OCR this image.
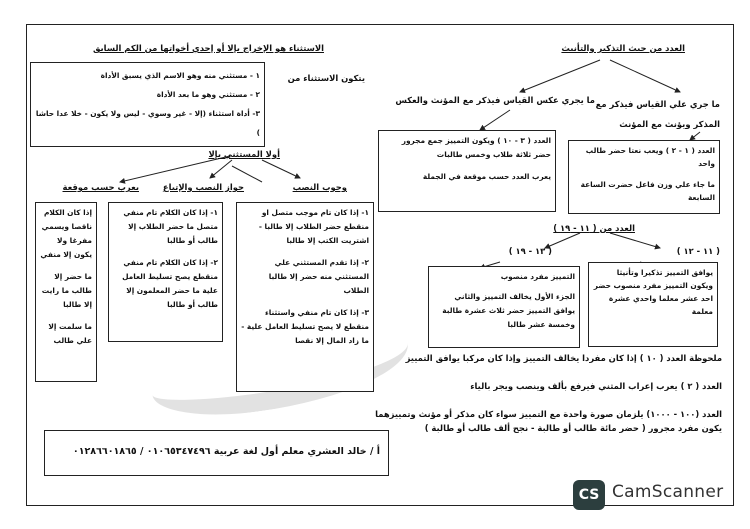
الاستثناء هو الإخراج بإلا أو إحدي أخواتها من الكم السابق
١ - مستثني منه وهو الاسم الذي يسبق الأداة
٢ - مستثني وهو ما بعد الأداة
٣- أداة استثناء (إلا - غير وسوي - ليس ولا يكون - خلا عدا حاشا )
يتكون الاستثناء من
أولا المستثني بإلا
وجوب النصب
جواز النصب والإتباع
يعرب حسب موقعة
١- إذا كان تام موجب متصل او منقطع حضر الطلاب إلا طالبا - اشتريت الكتب إلا طالبا
٢- إذا تقدم المستثني علي المستثني منه حضر إلا طالبا الطلاب
٣- إذا كان تام منفي واستثناء منقطع لا يصح تسليط العامل علية - ما زاد المال إلا نقصا
١- إذا كان الكلام تام منفي متصل ما حضر الطلاب إلا طالب أو طالبا
٢- إذا كان الكلام تام منفي منقطع يصح تسليط العامل علية ما حضر المعلمون إلا طالب أو طالبا
إذا كان الكلام ناقصا ويسمي مفرغا ولا يكون إلا منفي
ما حضر إلا طالب ما رايت إلا طالبا
ما سلمت إلا علي طالب
أ / خالد العشري معلم أول لغة عربية ٠١٠٦٥٣٤٧٤٩٦ / ٠١٢٨٦٦٠١٨٦٥
العدد من حيث التذكير والتأنيث
ما جري علي القياس فيذكر مع المذكر ويؤنث مع المؤنث
ما يجري عكس القياس فيذكر مع المؤنث والعكس
العدد ( ١ - ٢ ) ويعب نعتا حضر طالب واحد
ما جاء علي وزن فاعل حضرت الساعة السابعة
العدد ( ٣ - ١٠ ) ويكون التمييز جمع مجرور حضر ثلاثة طلاب وخمس طالبات
يعرب العدد حسب موقعة في الجملة
العدد من ( ١١ - ١٩ )
( ١١ - ١٢ )
( ١٣ - ١٩ )
يوافق التمييز تذكيرا وتأنيثا ويكون التمييز مفرد منصوب حضر احد عشر معلما واحدي عشرة معلمة
التمييز مفرد منصوب
الجزء الأول يخالف التمييز والثاني يوافق التمييز حضر ثلاث عشرة طالبة وخمسة عشر طالبا
ملحوظة العدد ( ١٠ ) إذا كان مفردا يخالف التمييز وإذا كان مركبا يوافق التمييز
العدد ( ٢ ) يعرب إعراب المثني فيرفع بألف وينصب ويجر بالياء
العدد (١٠٠ - ١٠٠٠) يلزمان صورة واحدة مع التمييز سواء كان مذكر أو مؤنث وتمييزهما
يكون مفرد مجرور ( حضر مائة طالب أو طالبة - نجح ألف طالب أو طالبة )
CS CamScanner
